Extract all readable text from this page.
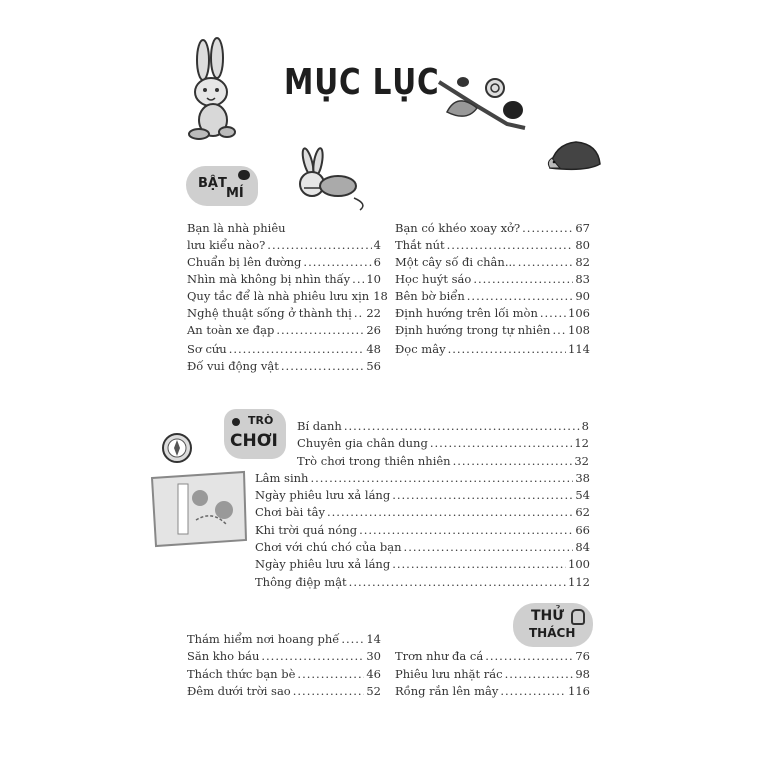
MỤC LỤC
BẬT
MÍ
Bạn là nhà phiêu
lưu kiểu nào? .....	4
Chuẩn bị lên đường .....	6
Nhìn mà không bị nhìn thấy ..... 10
Quy tắc để là nhà phiêu lưu xịn 18
Nghệ thuật sống ở thành thị ..... 22
An toàn xe đạp .....	26
Sơ cứu .....	48
Đố vui động vật .....	56
Bạn có khéo xoay xở? .....	67
Thắt nút .....	80
Một cây số đi chân... .....	82
Học huýt sáo .....	83
Bên bờ biển .....	90
Định hướng trên lối mòn .....	106
Định hướng trong tự nhiên ..... 108
Đọc mây .....	114
TRÒ
CHƠI
Bí danh .....	8
Chuyên gia chân dung .....	12
Trò chơi trong thiên nhiên .....	32
Lâm sinh .....	38
Ngày phiêu lưu xả láng .....	54
Chơi bài tây .....	62
Khi trời quá nóng .....	66
Chơi với chú chó của bạn .....	84
Ngày phiêu lưu xả láng .....	100
Thông điệp mật .....	112
THỬ
THÁCH
Thám hiểm nơi hoang phế ..... 14
Săn kho báu .....	30
Thách thức bạn bè .....	46
Đêm dưới trời sao .....	52
Trơn như đa cá .....	76
Phiêu lưu nhặt rác .....	98
Rồng rắn lên mây .....	116
